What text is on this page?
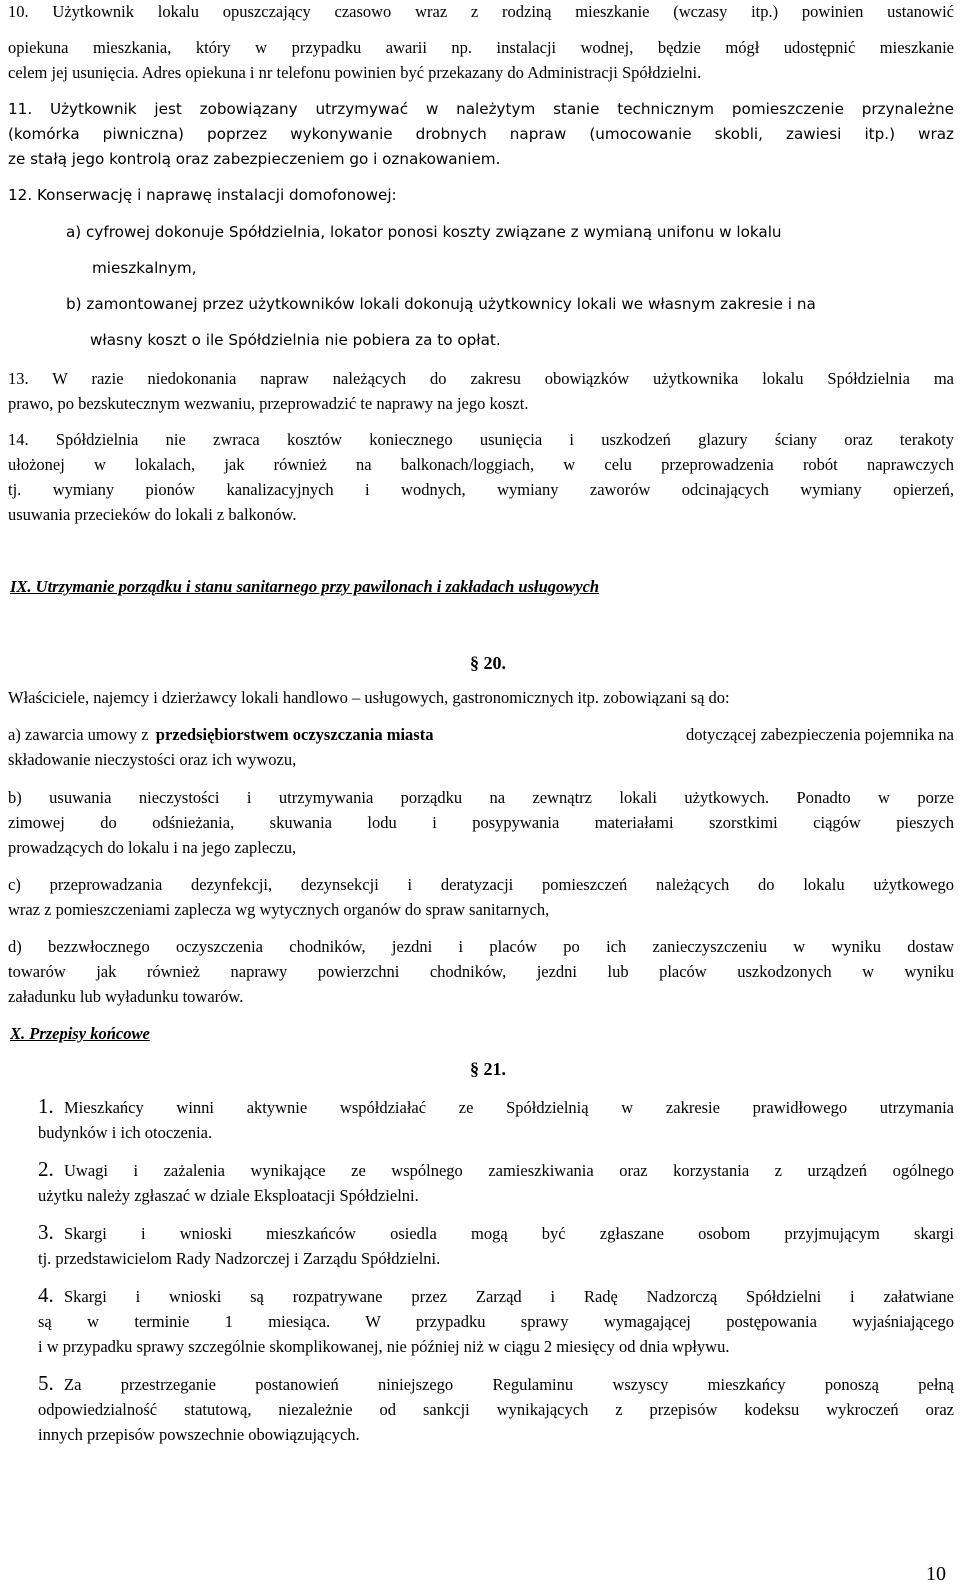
10. Użytkownik lokalu opuszczający czasowo wraz z rodziną mieszkanie (wczasy itp.) powinien ustanowić
opiekuna mieszkania, który w przypadku awarii np. instalacji wodnej, będzie mógł udostępnić mieszkanie
celem jej usunięcia. Adres opiekuna i nr telefonu powinien być przekazany do Administracji Spółdzielni.
11. Użytkownik jest zobowiązany utrzymywać w należytym stanie technicznym pomieszczenie przynależne
(komórka piwniczna) poprzez wykonywanie drobnych napraw (umocowanie skobli, zawiesi itp.) wraz
ze stałą jego kontrolą oraz zabezpieczeniem go i oznakowaniem.
12. Konserwację i naprawę instalacji domofonowej:
a) cyfrowej dokonuje Spółdzielnia, lokator ponosi koszty związane z wymianą unifonu w lokalu
mieszkalnym,
b) zamontowanej przez użytkowników lokali dokonują użytkownicy lokali we własnym zakresie i na
własny koszt o ile Spółdzielnia nie pobiera za to opłat.
13. W razie niedokonania napraw należących do zakresu obowiązków użytkownika lokalu Spółdzielnia ma
prawo, po bezskutecznym wezwaniu, przeprowadzić te naprawy na jego koszt.
14. Spółdzielnia nie zwraca kosztów koniecznego usunięcia i uszkodzeń glazury ściany oraz terakoty
ułożonej w lokalach, jak również na balkonach/loggiach, w celu przeprowadzenia robót naprawczych
tj. wymiany pionów kanalizacyjnych i wodnych, wymiany zaworów odcinających wymiany opierzeń,
usuwania przecieków do lokali z balkonów.
IX. Utrzymanie porządku i stanu sanitarnego przy pawilonach i zakładach usługowych
§ 20.
Właściciele, najemcy i dzierżawcy lokali handlowo – usługowych, gastronomicznych itp. zobowiązani są do:
a) zawarcia umowy z przedsiębiorstwem oczyszczania miasta	dotyczącej zabezpieczenia pojemnika na
składowanie nieczystości oraz ich wywozu,
b) usuwania nieczystości i utrzymywania porządku na zewnątrz lokali użytkowych. Ponadto w porze
zimowej do odśnieżania, skuwania lodu i posypywania materiałami szorstkimi ciągów pieszych
prowadzących do lokalu i na jego zapleczu,
c) przeprowadzania dezynfekcji, dezynsekcji i deratyzacji pomieszczeń należących do lokalu użytkowego
wraz z pomieszczeniami zaplecza wg wytycznych organów do spraw sanitarnych,
d) bezzwłocznego oczyszczenia chodników, jezdni i placów po ich zanieczyszczeniu w wyniku dostaw
towarów jak również naprawy powierzchni chodników, jezdni lub placów uszkodzonych w wyniku
załadunku lub wyładunku towarów.
X. Przepisy końcowe
§ 21.
1. Mieszkańcy winni aktywnie współdziałać ze Spółdzielnią w zakresie prawidłowego utrzymania
budynków i ich otoczenia.
2. Uwagi i zażalenia wynikające ze wspólnego zamieszkiwania oraz korzystania z urządzeń ogólnego
użytku należy zgłaszać w dziale Eksploatacji Spółdzielni.
3. Skargi i wnioski mieszkańców osiedla mogą być zgłaszane osobom przyjmującym skargi
tj. przedstawicielom Rady Nadzorczej i Zarządu Spółdzielni.
4. Skargi i wnioski są rozpatrywane przez Zarząd i Radę Nadzorczą Spółdzielni i załatwiane
są w terminie 1 miesiąca. W przypadku sprawy wymagającej postępowania wyjaśniającego
i w przypadku sprawy szczególnie skomplikowanej, nie później niż w ciągu 2 miesięcy od dnia wpływu.
5. Za przestrzeganie postanowień niniejszego Regulaminu wszyscy mieszkańcy ponoszą pełną
odpowiedzialność statutową, niezależnie od sankcji wynikających z przepisów kodeksu wykroczeń oraz
innych przepisów powszechnie obowiązujących.
10
